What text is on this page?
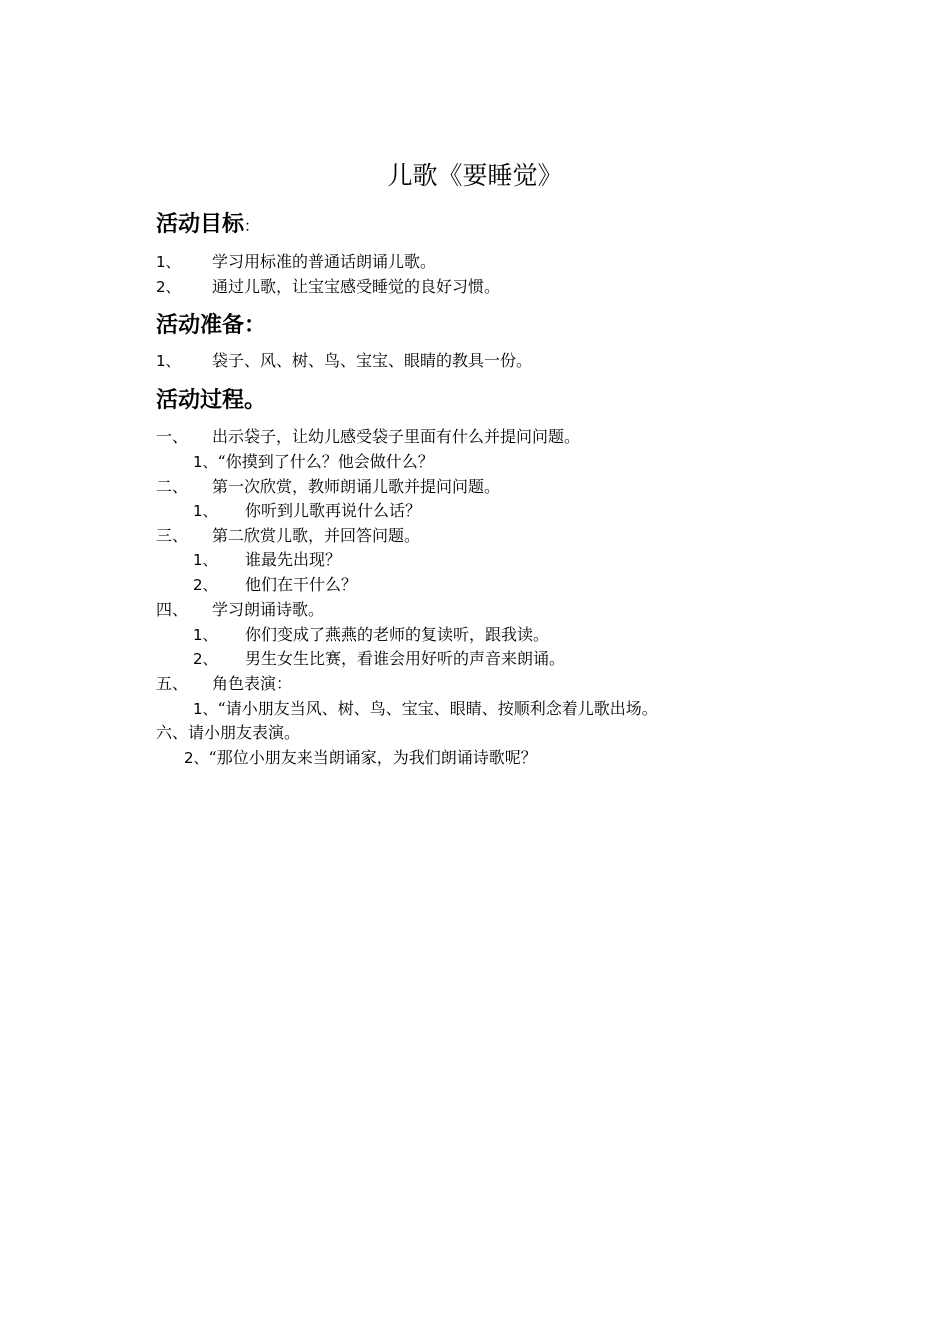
儿歌《要睡觉》
活动目标：
1、 学习用标准的普通话朗诵儿歌。
2、 通过儿歌，让宝宝感受睡觉的良好习惯。
活动准备：
1、 袋子、风、树、鸟、宝宝、眼睛的教具一份。
活动过程。
一、 出示袋子，让幼儿感受袋子里面有什么并提问问题。
1、“你摸到了什么？他会做什么？
二、 第一次欣赏，教师朗诵儿歌并提问问题。
1、 你听到儿歌再说什么话？
三、 第二欣赏儿歌，并回答问题。
1、 谁最先出现？
2、 他们在干什么？
四、 学习朗诵诗歌。
1、 你们变成了燕燕的老师的复读听，跟我读。
2、 男生女生比赛，看谁会用好听的声音来朗诵。
五、 角色表演：
1、“请小朋友当风、树、鸟、宝宝、眼睛、按顺利念着儿歌出场。
六、请小朋友表演。
2、“那位小朋友来当朗诵家，为我们朗诵诗歌呢？
